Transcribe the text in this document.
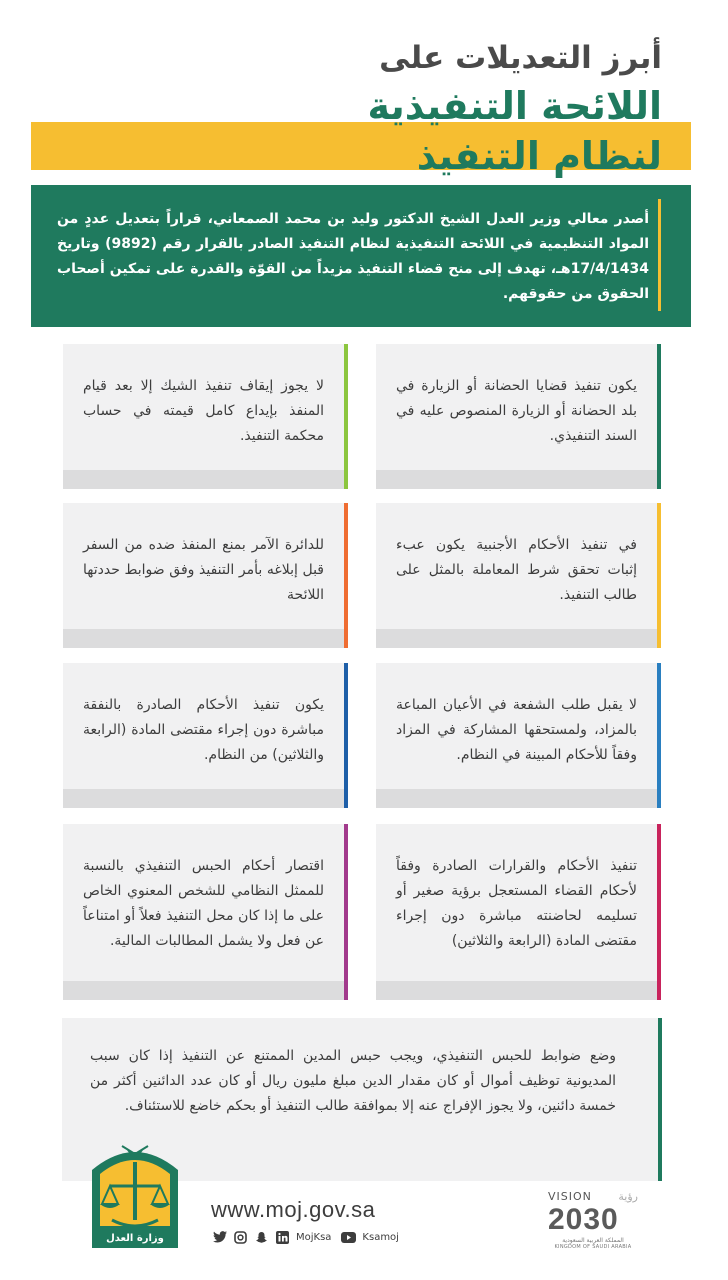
أبرز التعديلات على
اللائحة التنفيذية
لنظام التنفيذ
أصدر معالي وزير العدل الشيخ الدكتور وليد بن محمد الصمعاني، قراراً بتعديل عددٍ من المواد التنظيمية في اللائحة التنفيذية لنظام التنفيذ الصادر بالقرار رقم (9892) وتاريخ 17/4/1434هـ، تهدف إلى منح قضاء التنفيذ مزيداً من القوّة والقدرة على تمكين أصحاب الحقوق من حقوقهم.
يكون تنفيذ قضايا الحضانة أو الزيارة في بلد الحضانة أو الزيارة المنصوص عليه في السند التنفيذي.
لا يجوز إيقاف تنفيذ الشيك إلا بعد قيام المنفذ بإيداع كامل قيمته في حساب محكمة التنفيذ.
في تنفيذ الأحكام الأجنبية يكون عبء إثبات تحقق شرط المعاملة بالمثل على طالب التنفيذ.
للدائرة الآمر بمنع المنفذ ضده من السفر قبل إبلاغه بأمر التنفيذ وفق ضوابط حددتها اللائحة
لا يقبل طلب الشفعة في الأعيان المباعة بالمزاد، ولمستحقها المشاركة في المزاد وفقاً للأحكام المبينة في النظام.
يكون تنفيذ الأحكام الصادرة بالنفقة مباشرة دون إجراء مقتضى المادة (الرابعة والثلاثين) من النظام.
تنفيذ الأحكام والقرارات الصادرة وفقاً لأحكام القضاء المستعجل برؤية صغير أو تسليمه لحاضنته مباشرة دون إجراء مقتضى المادة (الرابعة والثلاثين)
اقتصار أحكام الحبس التنفيذي بالنسبة للممثل النظامي للشخص المعنوي الخاص على ما إذا كان محل التنفيذ فعلاً أو امتناعاً عن فعل ولا يشمل المطالبات المالية.
وضع ضوابط للحبس التنفيذي، ويجب حبس المدين الممتنع عن التنفيذ إذا كان سبب المديونية توظيف أموال أو كان مقدار الدين مبلغ مليون ريال أو كان عدد الدائنين أكثر من خمسة دائنين، ولا يجوز الإفراج عنه إلا بموافقة طالب التنفيذ أو بحكم خاضع للاستئناف.
وزارة العدل
www.moj.gov.sa
MojKsa	Ksamoj
VISION رؤية
2030
المملكة العربية السعودية
KINGDOM OF SAUDI ARABIA
